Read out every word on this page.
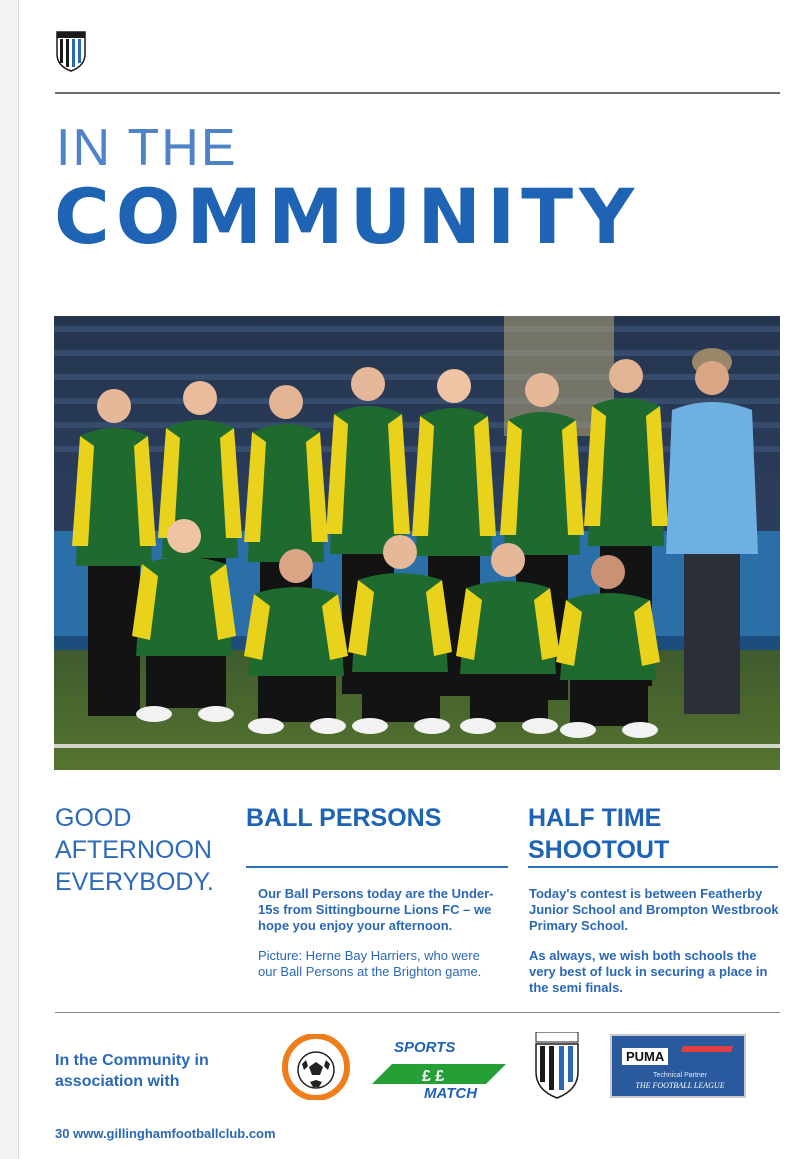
IN THE
COMMUNITY
GOOD AFTERNOON EVERYBODY.
BALL PERSONS

Our Ball Persons today are the Under-15s from Sittingbourne Lions FC – we hope you enjoy your afternoon.

Picture: Herne Bay Harriers, who were our Ball Persons at the Brighton game.

HALF TIME SHOOTOUT

Today's contest is between Featherby Junior School and Brompton Westbrook Primary School.

As always, we wish both schools the very best of luck in securing a place in the semi finals.

In the Community in association with
SPORTS
£ £
MATCH
PUMA
Technical Partner
THE FOOTBALL LEAGUE
30 www.gillinghamfootballclub.com
